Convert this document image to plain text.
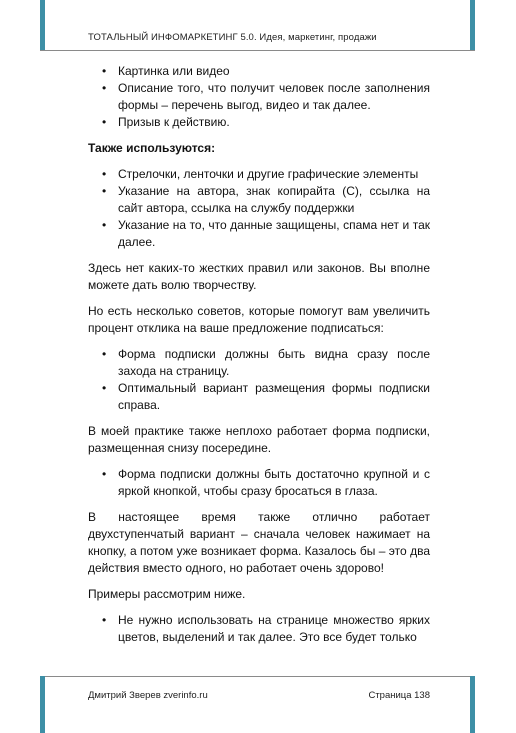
ТОТАЛЬНЫЙ ИНФОМАРКЕТИНГ 5.0. Идея, маркетинг, продажи
• Картинка или видео
• Описание того, что получит человек после заполнения формы – перечень выгод, видео и так далее.
• Призыв к действию.

Также используются:

• Стрелочки, ленточки и другие графические элементы
• Указание на автора, знак копирайта (С), ссылка на сайт автора, ссылка на службу поддержки
• Указание на то, что данные защищены, спама нет и так далее.

Здесь нет каких-то жестких правил или законов. Вы вполне можете дать волю творчеству.

Но есть несколько советов, которые помогут вам увеличить процент отклика на ваше предложение подписаться:

• Форма подписки должны быть видна сразу после захода на страницу.
• Оптимальный вариант размещения формы подписки справа.

В моей практике также неплохо работает форма подписки, размещенная снизу посередине.

• Форма подписки должны быть достаточно крупной и с яркой кнопкой, чтобы сразу бросаться в глаза.

В настоящее время также отлично работает двухступенчатый вариант – сначала человек нажимает на кнопку, а потом уже возникает форма. Казалось бы – это два действия вместо одного, но работает очень здорово!

Примеры рассмотрим ниже.

• Не нужно использовать на странице множество ярких цветов, выделений и так далее. Это все будет только
Дмитрий Зверев zverinfo.ru	Страница 138
